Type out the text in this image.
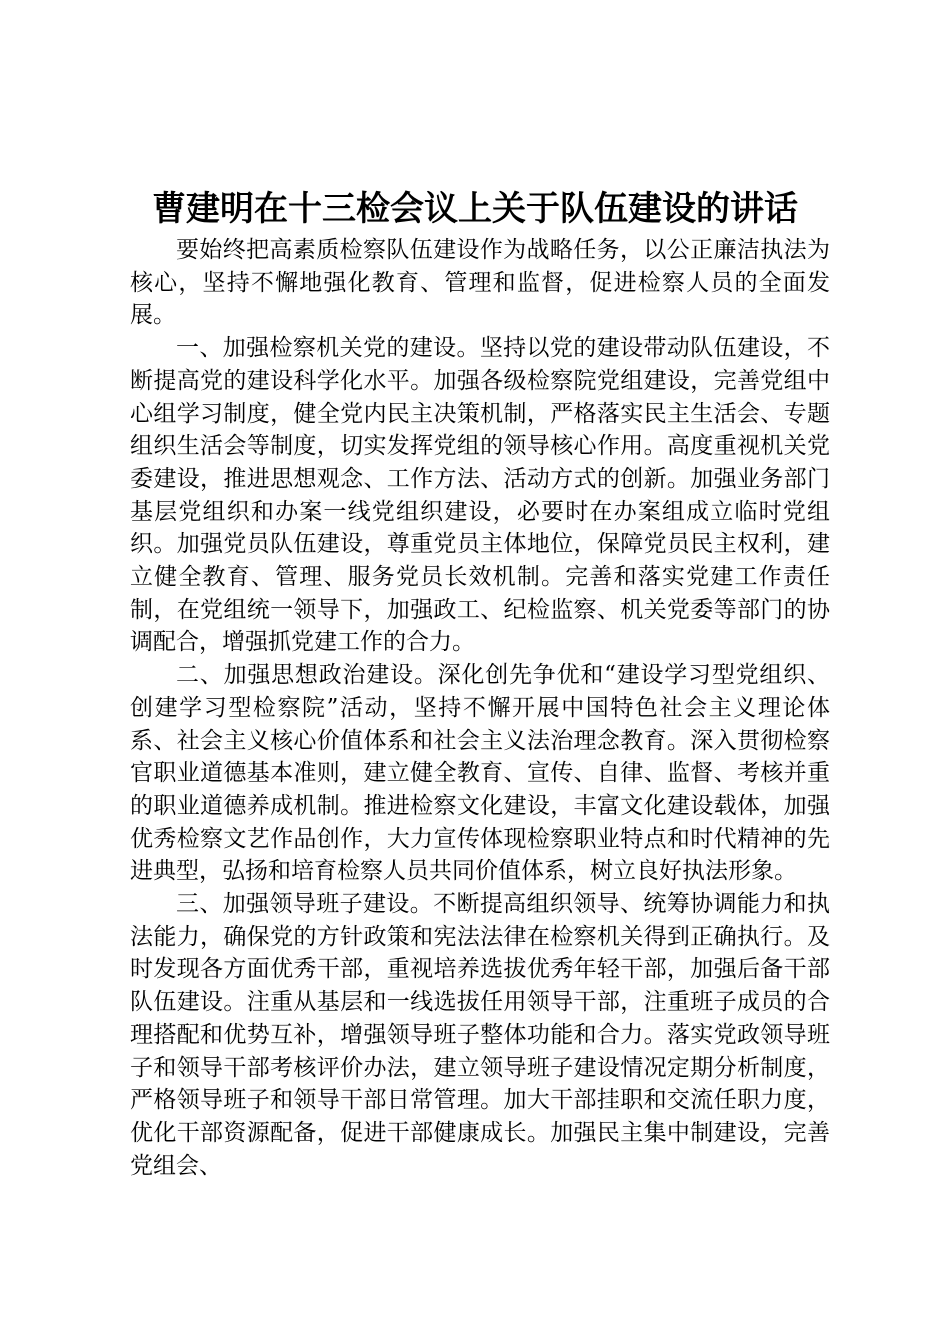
曹建明在十三检会议上关于队伍建设的讲话

要始终把高素质检察队伍建设作为战略任务，以公正廉洁执法为核心，坚持不懈地强化教育、管理和监督，促进检察人员的全面发展。

一、加强检察机关党的建设。坚持以党的建设带动队伍建设，不断提高党的建设科学化水平。加强各级检察院党组建设，完善党组中心组学习制度，健全党内民主决策机制，严格落实民主生活会、专题组织生活会等制度，切实发挥党组的领导核心作用。高度重视机关党委建设，推进思想观念、工作方法、活动方式的创新。加强业务部门基层党组织和办案一线党组织建设，必要时在办案组成立临时党组织。加强党员队伍建设，尊重党员主体地位，保障党员民主权利，建立健全教育、管理、服务党员长效机制。完善和落实党建工作责任制，在党组统一领导下，加强政工、纪检监察、机关党委等部门的协调配合，增强抓党建工作的合力。

二、加强思想政治建设。深化创先争优和“建设学习型党组织、创建学习型检察院”活动，坚持不懈开展中国特色社会主义理论体系、社会主义核心价值体系和社会主义法治理念教育。深入贯彻检察官职业道德基本准则，建立健全教育、宣传、自律、监督、考核并重的职业道德养成机制。推进检察文化建设，丰富文化建设载体，加强优秀检察文艺作品创作，大力宣传体现检察职业特点和时代精神的先进典型，弘扬和培育检察人员共同价值体系，树立良好执法形象。

三、加强领导班子建设。不断提高组织领导、统筹协调能力和执法能力，确保党的方针政策和宪法法律在检察机关得到正确执行。及时发现各方面优秀干部，重视培养选拔优秀年轻干部，加强后备干部队伍建设。注重从基层和一线选拔任用领导干部，注重班子成员的合理搭配和优势互补，增强领导班子整体功能和合力。落实党政领导班子和领导干部考核评价办法，建立领导班子建设情况定期分析制度，严格领导班子和领导干部日常管理。加大干部挂职和交流任职力度，优化干部资源配备，促进干部健康成长。加强民主集中制建设，完善党组会、
